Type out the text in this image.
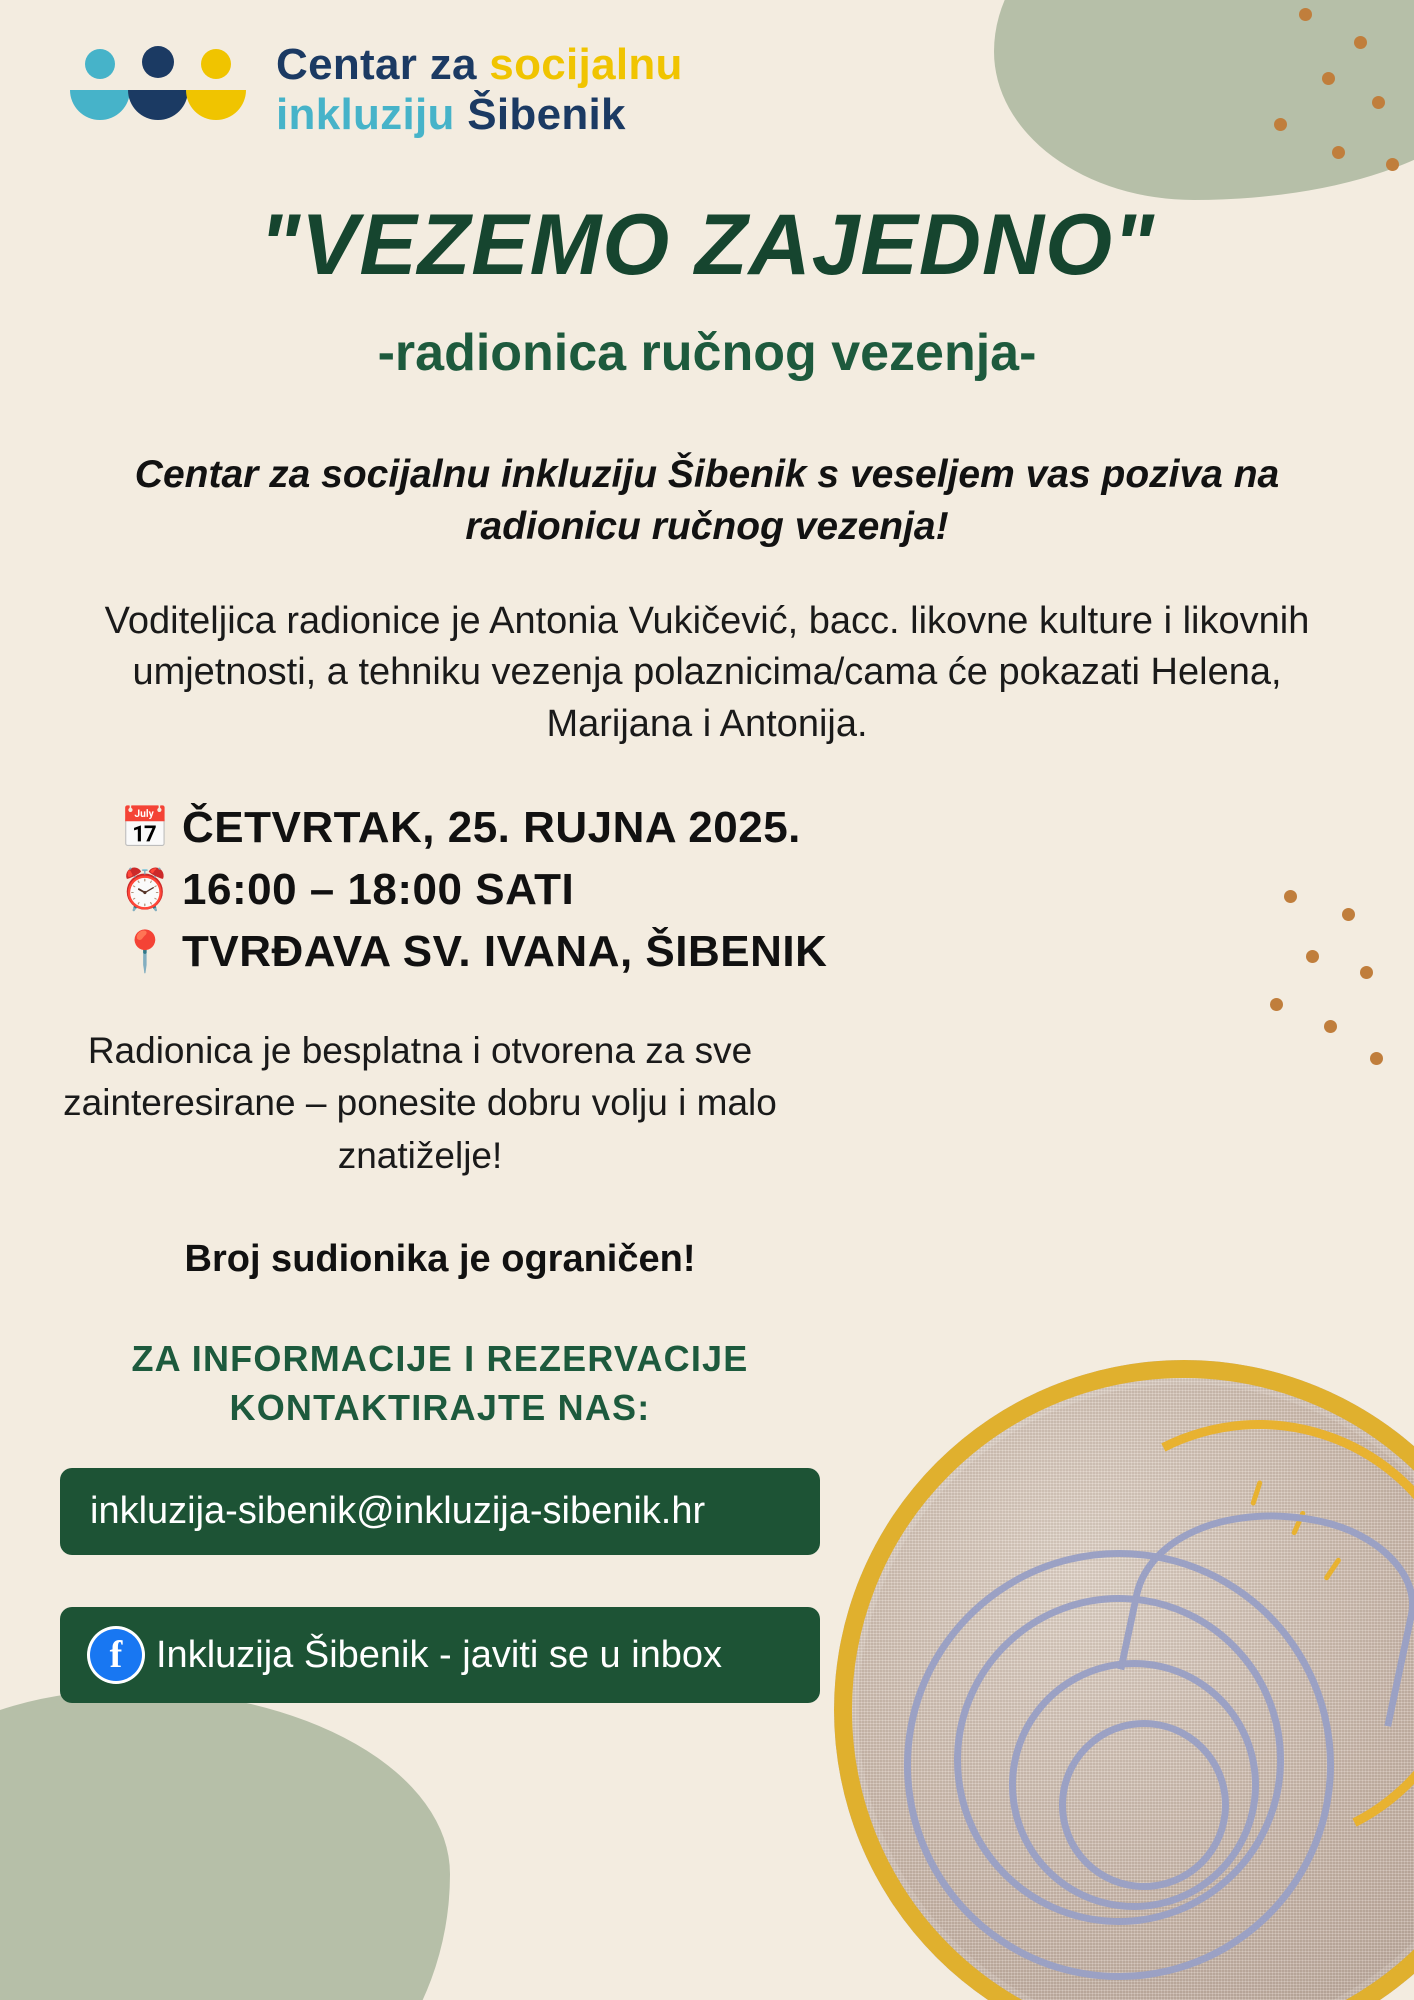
Centar za socijalnu
inkluziju Šibenik
"VEZEMO ZAJEDNO"
-radionica ručnog vezenja-

Centar za socijalnu inkluziju Šibenik s veseljem vas poziva na radionicu ručnog vezenja!

Voditeljica radionice je Antonia Vukičević, bacc. likovne kulture i likovnih umjetnosti, a tehniku vezenja polaznicima/cama će pokazati Helena, Marijana i Antonija.

📅 ČETVRTAK, 25. RUJNA 2025.
⏰ 16:00 – 18:00 SATI
📍 TVRĐAVA SV. IVANA, ŠIBENIK

Radionica je besplatna i otvorena za sve zainteresirane – ponesite dobru volju i malo znatiželje!

Broj sudionika je ograničen!

ZA INFORMACIJE I REZERVACIJE KONTAKTIRAJTE NAS:

inkluzija-sibenik@inkluzija-sibenik.hr
f Inkluzija Šibenik - javiti se u inbox
